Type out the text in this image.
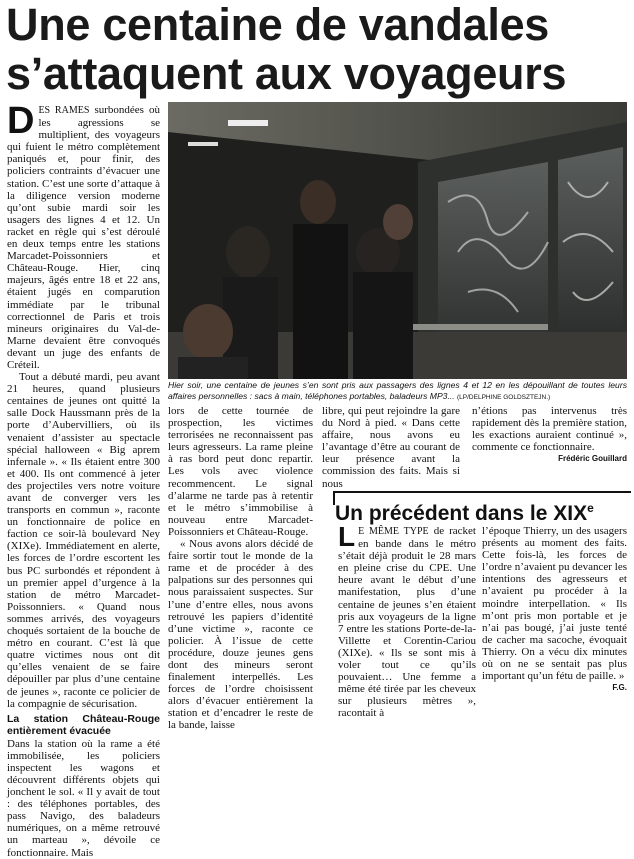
Une centaine de vandales
s’attaquent aux voyageurs

DES RAMES surbondées où les agressions se multiplient, des voyageurs qui fuient le métro complètement paniqués et, pour finir, des policiers contraints d’évacuer une station. C’est une sorte d’attaque à la diligence version moderne qu’ont subie mardi soir les usagers des lignes 4 et 12. Un racket en règle qui s’est déroulé en deux temps entre les stations Marcadet-Poissonniers et Château-Rouge. Hier, cinq majeurs, âgés entre 18 et 22 ans, étaient jugés en comparution immédiate par le tribunal correctionnel de Paris et trois mineurs originaires du Val-de-Marne devaient être convoqués devant un juge des enfants de Créteil.

Tout a débuté mardi, peu avant 21 heures, quand plusieurs centaines de jeunes ont quitté la salle Dock Haussmann près de la porte d’Aubervilliers, où ils venaient d’assister au spectacle spécial halloween « Big aprem infernale ». « Ils étaient entre 300 et 400. Ils ont commencé à jeter des projectiles vers notre voiture avant de converger vers les transports en commun », raconte un fonctionnaire de police en faction ce soir-là boulevard Ney (XIXe). Immédiatement en alerte, les forces de l’ordre escortent les bus PC surbondés et répondent à un premier appel d’urgence à la station de métro Marcadet-Poissonniers. « Quand nous sommes arrivés, des voyageurs choqués sortaient de la bouche de métro en courant. C’est là que quatre victimes nous ont dit qu’elles venaient de se faire dépouiller par plus d’une centaine de jeunes », raconte ce policier de la compagnie de sécurisation.

La station Château-Rouge entièrement évacuée

Dans la station où la rame a été immobilisée, les policiers inspectent les wagons et découvrent différents objets qui jonchent le sol. « Il y avait de tout : des téléphones portables, des pass Navigo, des baladeurs numériques, on a même retrouvé un marteau », dévoile ce fonctionnaire. Mais

Hier soir, une centaine de jeunes s’en sont pris aux passagers des lignes 4 et 12 en les dépouillant de toutes leurs affaires personnelles : sacs à main, téléphones portables, baladeurs MP3... (LP/DELPHINE GOLDSZTEJN.)

lors de cette tournée de prospection, les victimes terrorisées ne reconnaissent pas leurs agresseurs. La rame pleine à ras bord peut donc repartir. Les vols avec violence recommencent. Le signal d’alarme ne tarde pas à retentir et le métro s’immobilise à nouveau entre Marcadet-Poissonniers et Château-Rouge.

« Nous avons alors décidé de faire sortir tout le monde de la rame et de procéder à des palpations sur des personnes qui nous paraissaient suspectes. Sur l’une d’entre elles, nous avons retrouvé les papiers d’identité d’une victime », raconte ce policier. À l’issue de cette procédure, douze jeunes gens dont des mineurs seront finalement interpellés. Les forces de l’ordre choisissent alors d’évacuer entièrement la station et d’encadrer le reste de la bande, laisse

libre, qui peut rejoindre la gare du Nord à pied. « Dans cette affaire, nous avons eu l’avantage d’être au courant de leur présence avant la commission des faits. Mais si nous

n’étions pas intervenus très rapidement dès la première station, les exactions auraient continué », commente ce fonctionnaire.

Frédéric Gouillard
Un précédent dans le XIXe

L E MÊME TYPE de racket en bande dans le métro s’était déjà produit le 28 mars en pleine crise du CPE. Une heure avant le début d’une manifestation, plus d’une centaine de jeunes s’en étaient pris aux voyageurs de la ligne 7 entre les stations Porte-de-la-Villette et Corentin-Cariou (XIXe). « Ils se sont mis à voler tout ce qu’ils pouvaient… Une femme a même été tirée par les cheveux sur plusieurs mètres », racontait à

l’époque Thierry, un des usagers présents au moment des faits. Cette fois-là, les forces de l’ordre n’avaient pu devancer les intentions des agresseurs et n’avaient pu procéder à la moindre interpellation. « Ils m’ont pris mon portable et je n’ai pas bougé, j’ai juste tenté de cacher ma sacoche, évoquait Thierry. On a vécu dix minutes où on ne se sentait pas plus important qu’un fétu de paille. »

F.G.
